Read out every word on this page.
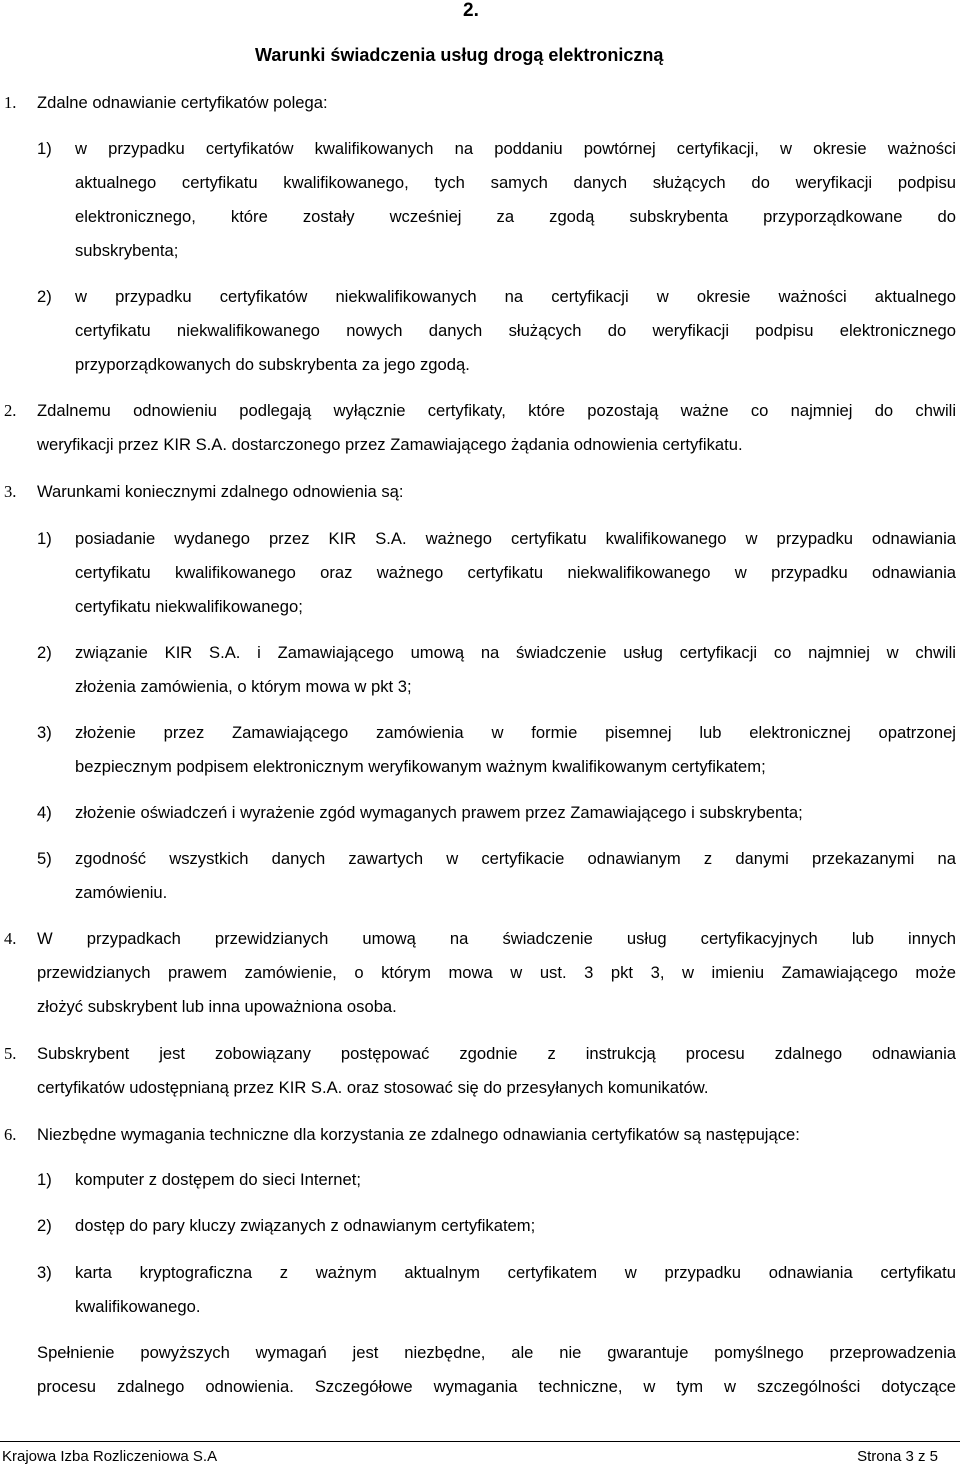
2.
Warunki świadczenia usług drogą elektroniczną
1. Zdalne odnawianie certyfikatów polega:
1) w przypadku certyfikatów kwalifikowanych na poddaniu powtórnej certyfikacji, w okresie ważności
aktualnego certyfikatu kwalifikowanego, tych samych danych służących do weryfikacji podpisu
elektronicznego, które zostały wcześniej za zgodą subskrybenta przyporządkowane do
subskrybenta;
2) w przypadku certyfikatów niekwalifikowanych na certyfikacji w okresie ważności aktualnego
certyfikatu niekwalifikowanego nowych danych służących do weryfikacji podpisu elektronicznego
przyporządkowanych do subskrybenta za jego zgodą.
2. Zdalnemu odnowieniu podlegają wyłącznie certyfikaty, które pozostają ważne co najmniej do chwili
weryfikacji przez KIR S.A. dostarczonego przez Zamawiającego żądania odnowienia certyfikatu.
3. Warunkami koniecznymi zdalnego odnowienia są:
1) posiadanie wydanego przez KIR S.A. ważnego certyfikatu kwalifikowanego w przypadku odnawiania
certyfikatu kwalifikowanego oraz ważnego certyfikatu niekwalifikowanego w przypadku odnawiania
certyfikatu niekwalifikowanego;
2) związanie KIR S.A. i Zamawiającego umową na świadczenie usług certyfikacji co najmniej w chwili
złożenia zamówienia, o którym mowa w pkt 3;
3) złożenie przez Zamawiającego zamówienia w formie pisemnej lub elektronicznej opatrzonej
bezpiecznym podpisem elektronicznym weryfikowanym ważnym kwalifikowanym certyfikatem;
4) złożenie oświadczeń i wyrażenie zgód wymaganych prawem przez Zamawiającego i subskrybenta;
5) zgodność wszystkich danych zawartych w certyfikacie odnawianym z danymi przekazanymi na
zamówieniu.
4. W przypadkach przewidzianych umową na świadczenie usług certyfikacyjnych lub innych
przewidzianych prawem zamówienie, o którym mowa w ust. 3 pkt 3, w imieniu Zamawiającego może
złożyć subskrybent lub inna upoważniona osoba.
5. Subskrybent jest zobowiązany postępować zgodnie z instrukcją procesu zdalnego odnawiania
certyfikatów udostępnianą przez KIR S.A. oraz stosować się do przesyłanych komunikatów.
6. Niezbędne wymagania techniczne dla korzystania ze zdalnego odnawiania certyfikatów są następujące:
1) komputer z dostępem do sieci Internet;
2) dostęp do pary kluczy związanych z odnawianym certyfikatem;
3) karta kryptograficzna z ważnym aktualnym certyfikatem w przypadku odnawiania certyfikatu
kwalifikowanego.
Spełnienie powyższych wymagań jest niezbędne, ale nie gwarantuje pomyślnego przeprowadzenia
procesu zdalnego odnowienia. Szczegółowe wymagania techniczne, w tym w szczególności dotyczące
Krajowa Izba Rozliczeniowa S.A	Strona 3 z 5
